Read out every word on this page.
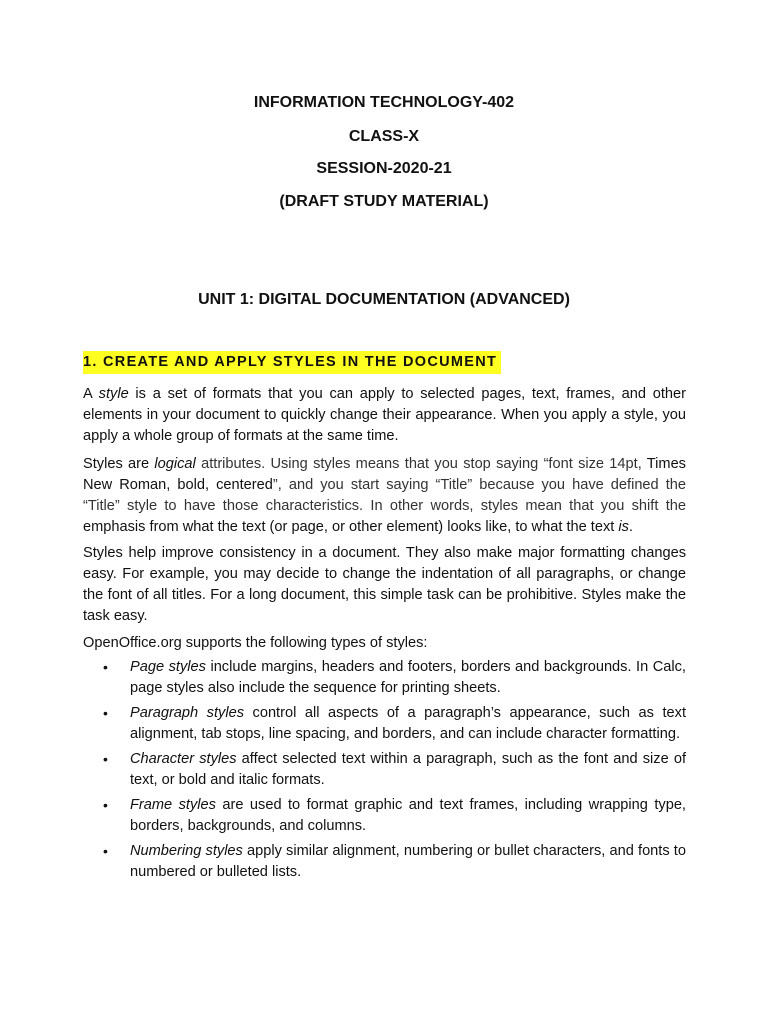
INFORMATION TECHNOLOGY-402
CLASS-X
SESSION-2020-21
(DRAFT STUDY MATERIAL)
UNIT 1: DIGITAL DOCUMENTATION (ADVANCED)
1. CREATE AND APPLY STYLES IN THE DOCUMENT

A style is a set of formats that you can apply to selected pages, text, frames, and other elements in your document to quickly change their appearance. When you apply a style, you apply a whole group of formats at the same time.

Styles are logical attributes. Using styles means that you stop saying “font size 14pt, Times New Roman, bold, centered”, and you start saying “Title” because you have defined the “Title” style to have those characteristics. In other words, styles mean that you shift the emphasis from what the text (or page, or other element) looks like, to what the text is.

Styles help improve consistency in a document. They also make major formatting changes easy. For example, you may decide to change the indentation of all paragraphs, or change the font of all titles. For a long document, this simple task can be prohibitive. Styles make the task easy.

OpenOffice.org supports the following types of styles:

• Page styles include margins, headers and footers, borders and backgrounds. In Calc, page styles also include the sequence for printing sheets.
• Paragraph styles control all aspects of a paragraph’s appearance, such as text alignment, tab stops, line spacing, and borders, and can include character formatting.
• Character styles affect selected text within a paragraph, such as the font and size of text, or bold and italic formats.
• Frame styles are used to format graphic and text frames, including wrapping type, borders, backgrounds, and columns.
• Numbering styles apply similar alignment, numbering or bullet characters, and fonts to numbered or bulleted lists.
